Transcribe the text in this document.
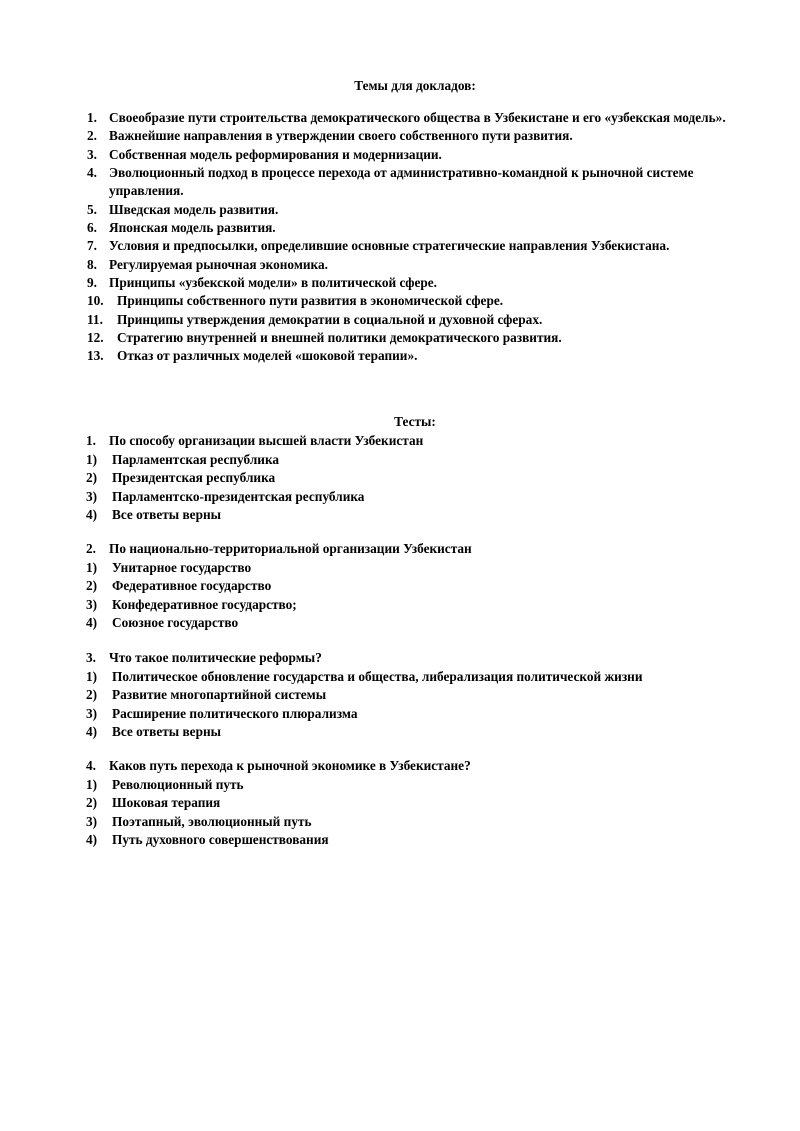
Темы для докладов:
1. Своеобразие пути строительства демократического общества в Узбекистане и его «узбекская модель».
2. Важнейшие направления в утверждении своего собственного пути развития.
3. Собственная модель реформирования и модернизации.
4. Эволюционный подход в процессе перехода от административно-командной к рыночной системе управления.
5. Шведская модель развития.
6. Японская модель развития.
7. Условия и предпосылки, определившие основные стратегические направления Узбекистана.
8. Регулируемая рыночная экономика.
9. Принципы «узбекской модели» в политической сфере.
10.	Принципы собственного пути развития в экономической сфере.
11.	Принципы утверждения демократии в социальной и духовной сферах.
12.	Стратегию внутренней и внешней политики демократического развития.
13.	Отказ от различных моделей «шоковой терапии».
Тесты:
1. По способу организации высшей власти Узбекистан
1) Парламентская республика
2) Президентская республика
3) Парламентско-президентская республика
4) Все ответы верны
2. По национально-территориальной организации Узбекистан
1) Унитарное государство
2) Федеративное государство
3) Конфедеративное государство;
4) Союзное государство
3. Что такое политические реформы?
1) Политическое обновление государства и общества, либерализация политической жизни
2) Развитие многопартийной системы
3) Расширение политического плюрализма
4) Все ответы верны
4. Каков путь перехода к рыночной экономике в Узбекистане?
1) Революционный путь
2) Шоковая терапия
3) Поэтапный, эволюционный путь
4) Путь духовного совершенствования
